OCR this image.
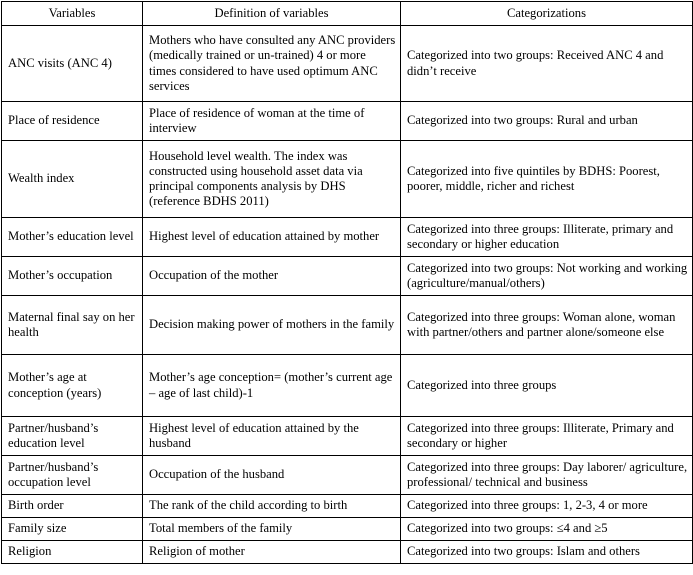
Variables	Definition of variables	Categorizations
ANC visits (ANC 4)	Mothers who have consulted any ANC providers (medically trained or un-trained) 4 or more times considered to have used optimum ANC services	Categorized into two groups: Received ANC 4 and didn’t receive
Place of residence	Place of residence of woman at the time of interview	Categorized into two groups: Rural and urban
Wealth index	Household level wealth. The index was constructed using household asset data via principal components analysis by DHS (reference BDHS 2011)	Categorized into five quintiles by BDHS: Poorest, poorer, middle, richer and richest
Mother’s education level	Highest level of education attained by mother	Categorized into three groups: Illiterate, primary and secondary or higher education
Mother’s occupation	Occupation of the mother	Categorized into two groups: Not working and working (agriculture/manual/others)
Maternal final say on her health	Decision making power of mothers in the family	Categorized into three groups: Woman alone, woman with partner/others and partner alone/someone else
Mother’s age at conception (years)	Mother’s age conception= (mother’s current age – age of last child)-1	Categorized into three groups
Partner/husband’s education level	Highest level of education attained by the husband	Categorized into three groups: Illiterate, Primary and secondary or higher
Partner/husband’s occupation level	Occupation of the husband	Categorized into three groups: Day laborer/ agriculture, professional/ technical and business
Birth order	The rank of the child according to birth	Categorized into three groups: 1, 2-3, 4 or more
Family size	Total members of the family	Categorized into two groups: ≤4 and ≥5
Religion	Religion of mother	Categorized into two groups: Islam and others
